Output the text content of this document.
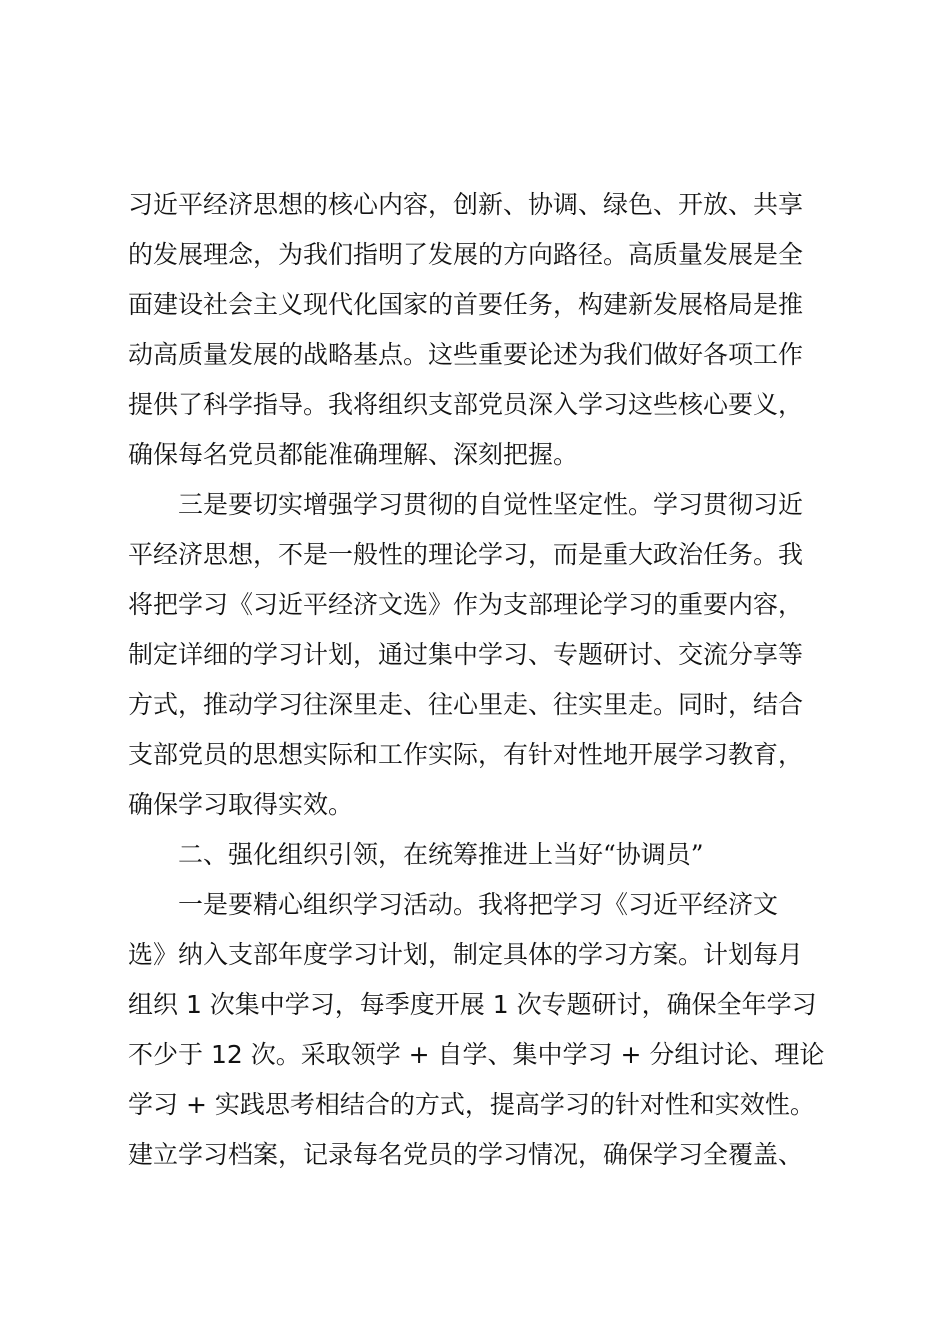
习近平经济思想的核心内容，创新、协调、绿色、开放、共享
的发展理念，为我们指明了发展的方向路径。高质量发展是全
面建设社会主义现代化国家的首要任务，构建新发展格局是推
动高质量发展的战略基点。这些重要论述为我们做好各项工作
提供了科学指导。我将组织支部党员深入学习这些核心要义，
确保每名党员都能准确理解、深刻把握。
三是要切实增强学习贯彻的自觉性坚定性。学习贯彻习近
平经济思想，不是一般性的理论学习，而是重大政治任务。我
将把学习《习近平经济文选》作为支部理论学习的重要内容，
制定详细的学习计划，通过集中学习、专题研讨、交流分享等
方式，推动学习往深里走、往心里走、往实里走。同时，结合
支部党员的思想实际和工作实际，有针对性地开展学习教育，
确保学习取得实效。
二、强化组织引领，在统筹推进上当好“协调员”
一是要精心组织学习活动。我将把学习《习近平经济文
选》纳入支部年度学习计划，制定具体的学习方案。计划每月
组织 1 次集中学习，每季度开展 1 次专题研讨，确保全年学习
不少于 12 次。采取领学 + 自学、集中学习 + 分组讨论、理论
学习 + 实践思考相结合的方式，提高学习的针对性和实效性。
建立学习档案，记录每名党员的学习情况，确保学习全覆盖、
